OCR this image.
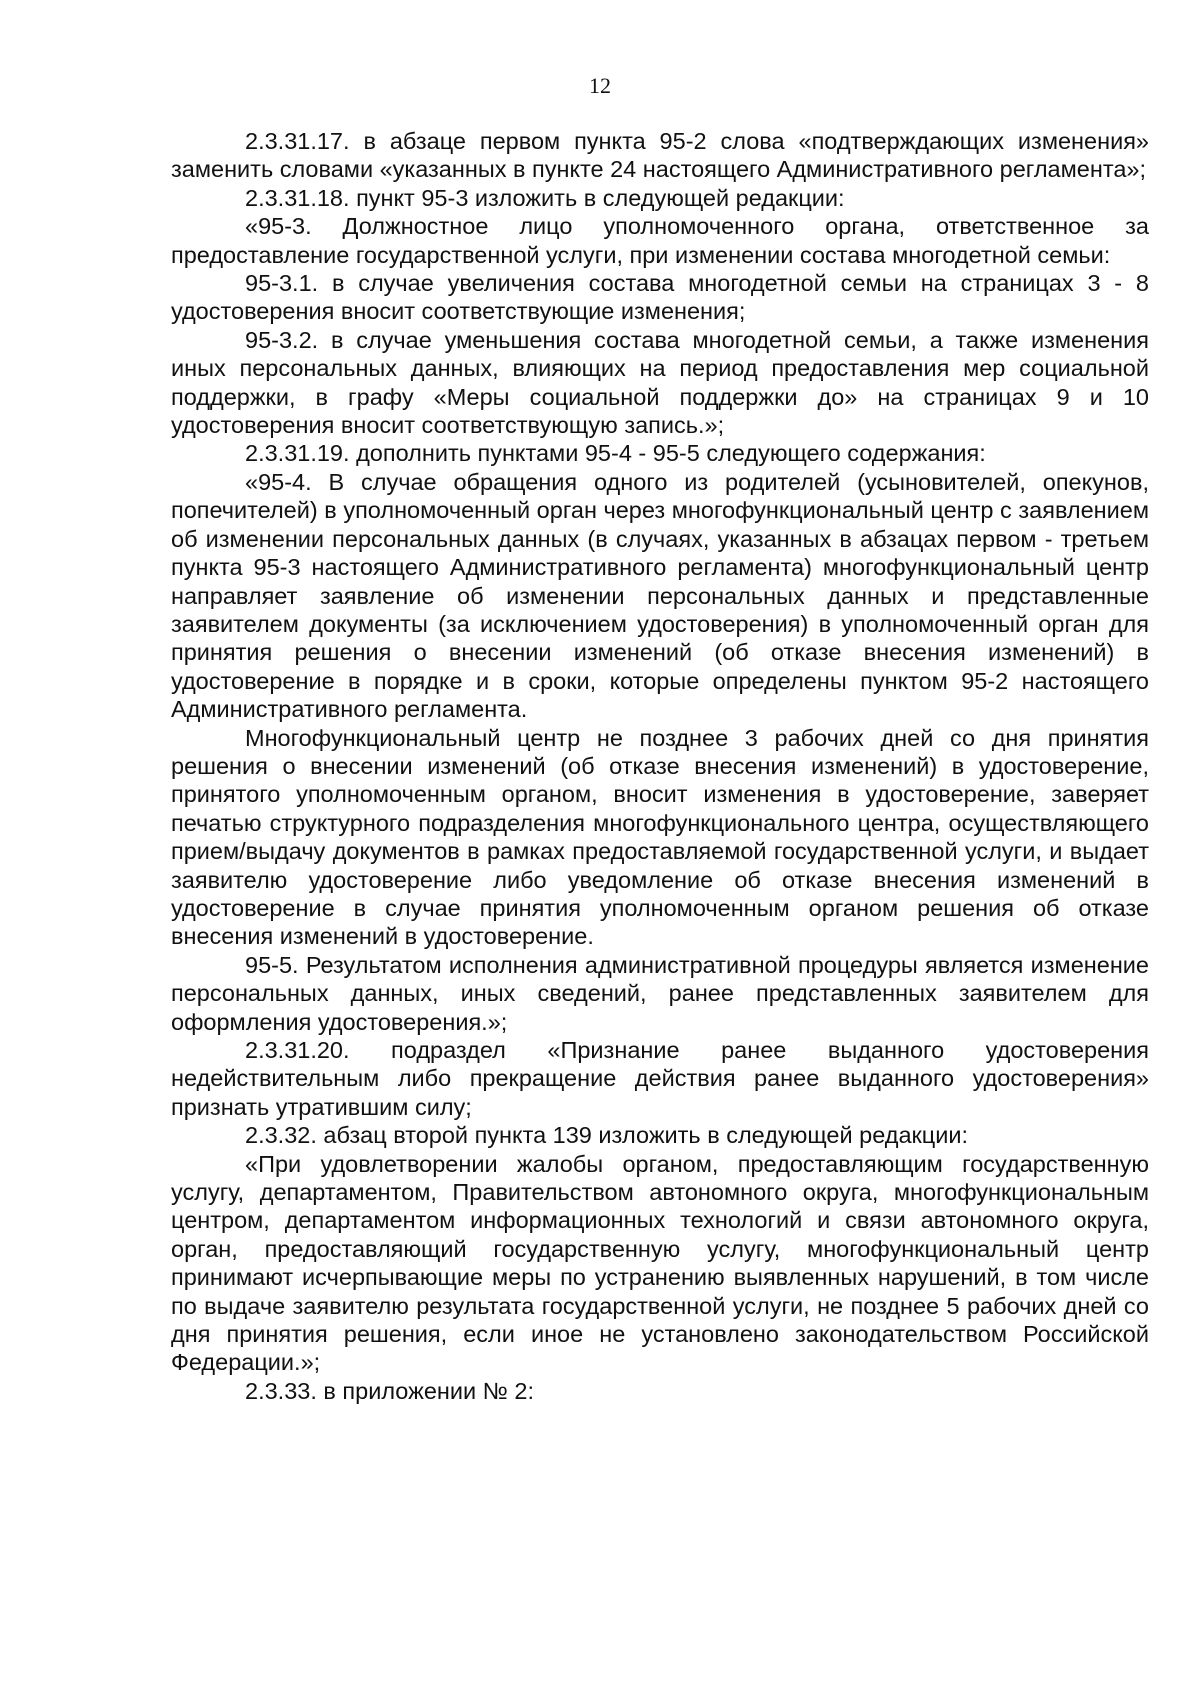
12

2.3.31.17. в абзаце первом пункта 95-2 слова «подтверждающих изменения» заменить словами «указанных в пункте 24 настоящего Административного регламента»;

2.3.31.18. пункт 95-3 изложить в следующей редакции:

«95-3. Должностное лицо уполномоченного органа, ответственное за предоставление государственной услуги, при изменении состава многодетной семьи:

95-3.1. в случае увеличения состава многодетной семьи на страницах 3 - 8 удостоверения вносит соответствующие изменения;

95-3.2. в случае уменьшения состава многодетной семьи, а также изменения иных персональных данных, влияющих на период предоставления мер социальной поддержки, в графу «Меры социальной поддержки до» на страницах 9 и 10 удостоверения вносит соответствующую запись.»;

2.3.31.19. дополнить пунктами 95-4 - 95-5 следующего содержания:

«95-4. В случае обращения одного из родителей (усыновителей, опекунов, попечителей) в уполномоченный орган через многофункциональный центр с заявлением об изменении персональных данных (в случаях, указанных в абзацах первом - третьем пункта 95-3 настоящего Административного регламента) многофункциональный центр направляет заявление об изменении персональных данных и представленные заявителем документы (за исключением удостоверения) в уполномоченный орган для принятия решения о внесении изменений (об отказе внесения изменений) в удостоверение в порядке и в сроки, которые определены пунктом 95-2 настоящего Административного регламента.

Многофункциональный центр не позднее 3 рабочих дней со дня принятия решения о внесении изменений (об отказе внесения изменений) в удостоверение, принятого уполномоченным органом, вносит изменения в удостоверение, заверяет печатью структурного подразделения многофункционального центра, осуществляющего прием/выдачу документов в рамках предоставляемой государственной услуги, и выдает заявителю удостоверение либо уведомление об отказе внесения изменений в удостоверение в случае принятия уполномоченным органом решения об отказе внесения изменений в удостоверение.

95-5. Результатом исполнения административной процедуры является изменение персональных данных, иных сведений, ранее представленных заявителем для оформления удостоверения.»;

2.3.31.20. подраздел «Признание ранее выданного удостоверения недействительным либо прекращение действия ранее выданного удостоверения» признать утратившим силу;

2.3.32. абзац второй пункта 139 изложить в следующей редакции:

«При удовлетворении жалобы органом, предоставляющим государственную услугу, департаментом, Правительством автономного округа, многофункциональным центром, департаментом информационных технологий и связи автономного округа, орган, предоставляющий государственную услугу, многофункциональный центр принимают исчерпывающие меры по устранению выявленных нарушений, в том числе по выдаче заявителю результата государственной услуги, не позднее 5 рабочих дней со дня принятия решения, если иное не установлено законодательством Российской Федерации.»;

2.3.33. в приложении № 2:
